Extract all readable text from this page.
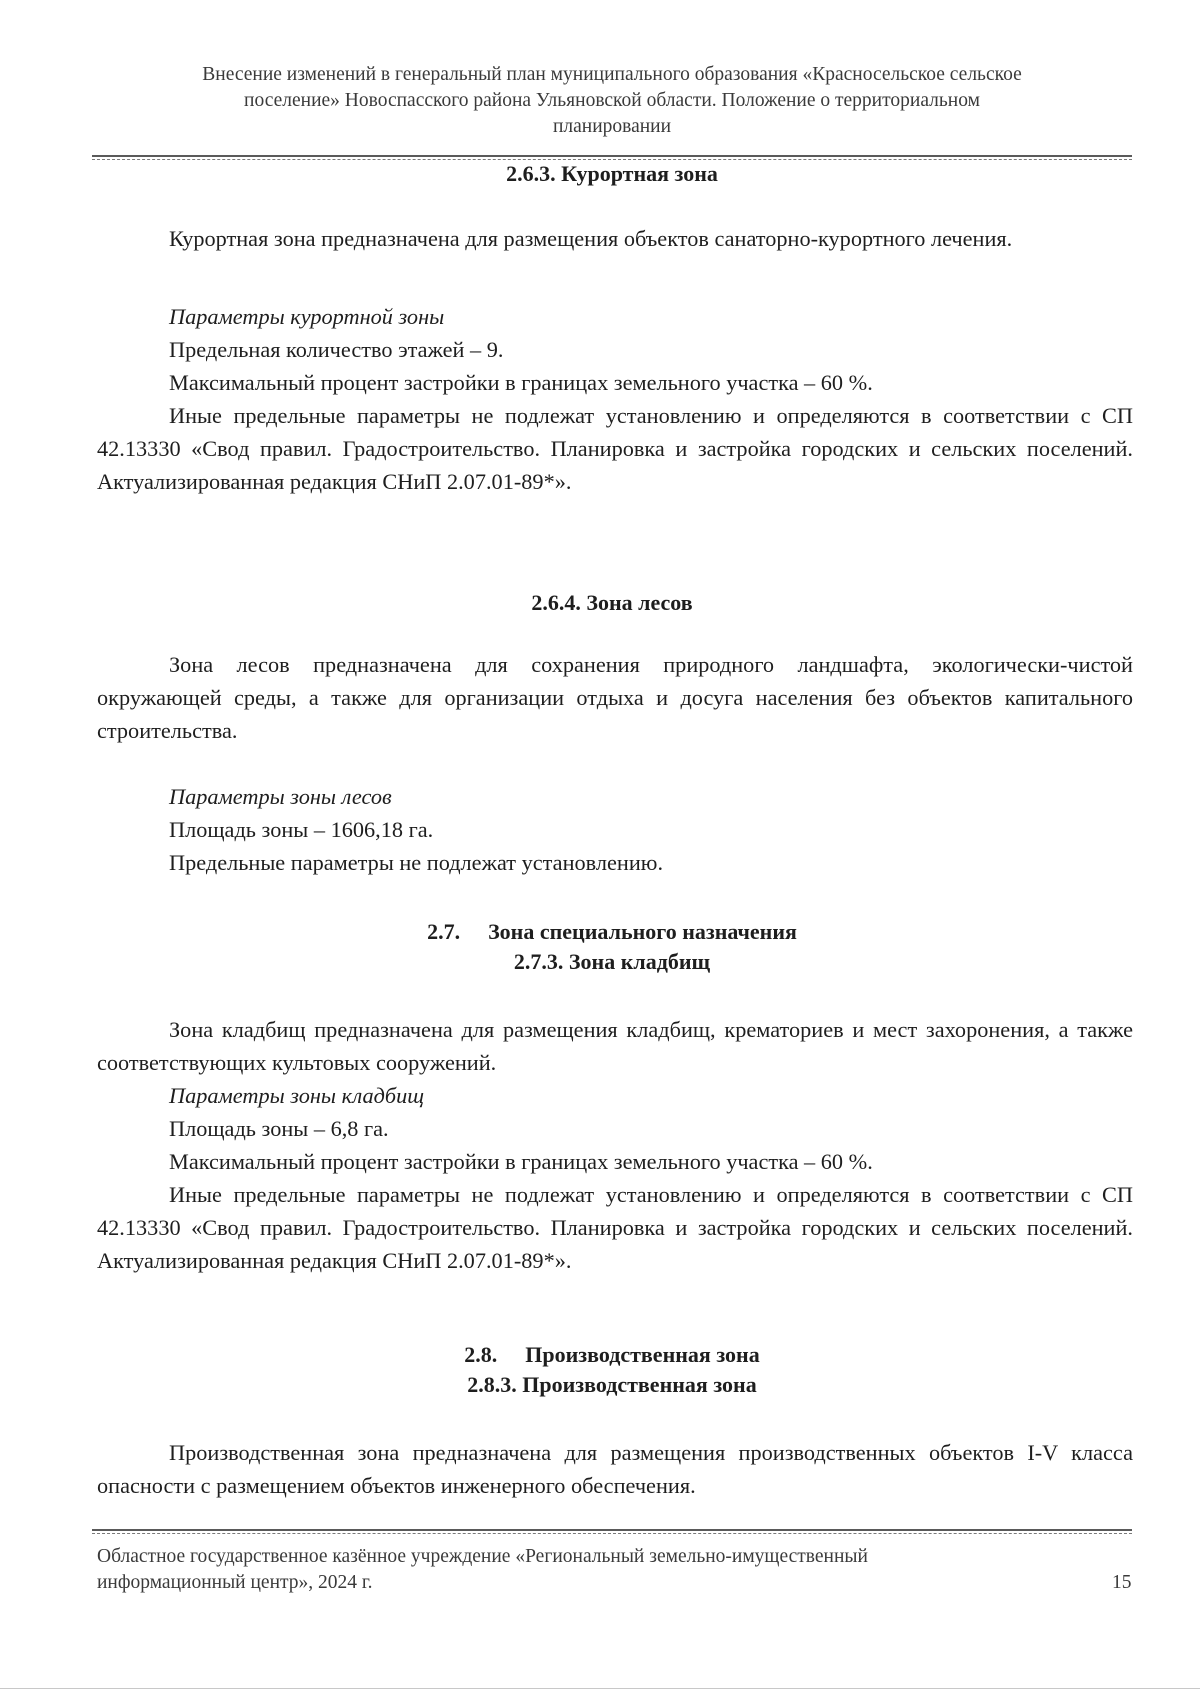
Внесение изменений в генеральный план муниципального образования «Красносельское сельское
поселение» Новоспасского района Ульяновской области. Положение о территориальном
планировании
2.6.3. Курортная зона
Курортная зона предназначена для размещения объектов санаторно-курортного лечения.
Параметры курортной зоны
Предельная количество этажей – 9.
Максимальный процент застройки в границах земельного участка – 60 %.
Иные предельные параметры не подлежат установлению и определяются в соответствии с СП 42.13330 «Свод правил. Градостроительство. Планировка и застройка городских и сельских поселений. Актуализированная редакция СНиП 2.07.01-89*».
2.6.4. Зона лесов
Зона лесов предназначена для сохранения природного ландшафта, экологически-чистой окружающей среды, а также для организации отдыха и досуга населения без объектов капитального строительства.
Параметры зоны лесов
Площадь зоны – 1606,18 га.
Предельные параметры не подлежат установлению.
2.7. Зона специального назначения
2.7.3. Зона кладбищ
Зона кладбищ предназначена для размещения кладбищ, крематориев и мест захоронения, а также соответствующих культовых сооружений.
Параметры зоны кладбищ
Площадь зоны – 6,8 га.
Максимальный процент застройки в границах земельного участка – 60 %.
Иные предельные параметры не подлежат установлению и определяются в соответствии с СП 42.13330 «Свод правил. Градостроительство. Планировка и застройка городских и сельских поселений. Актуализированная редакция СНиП 2.07.01-89*».
2.8. Производственная зона
2.8.3. Производственная зона
Производственная зона предназначена для размещения производственных объектов I-V класса опасности с размещением объектов инженерного обеспечения.
Областное государственное казённое учреждение «Региональный земельно-имущественный
информационный центр», 2024 г.	15
